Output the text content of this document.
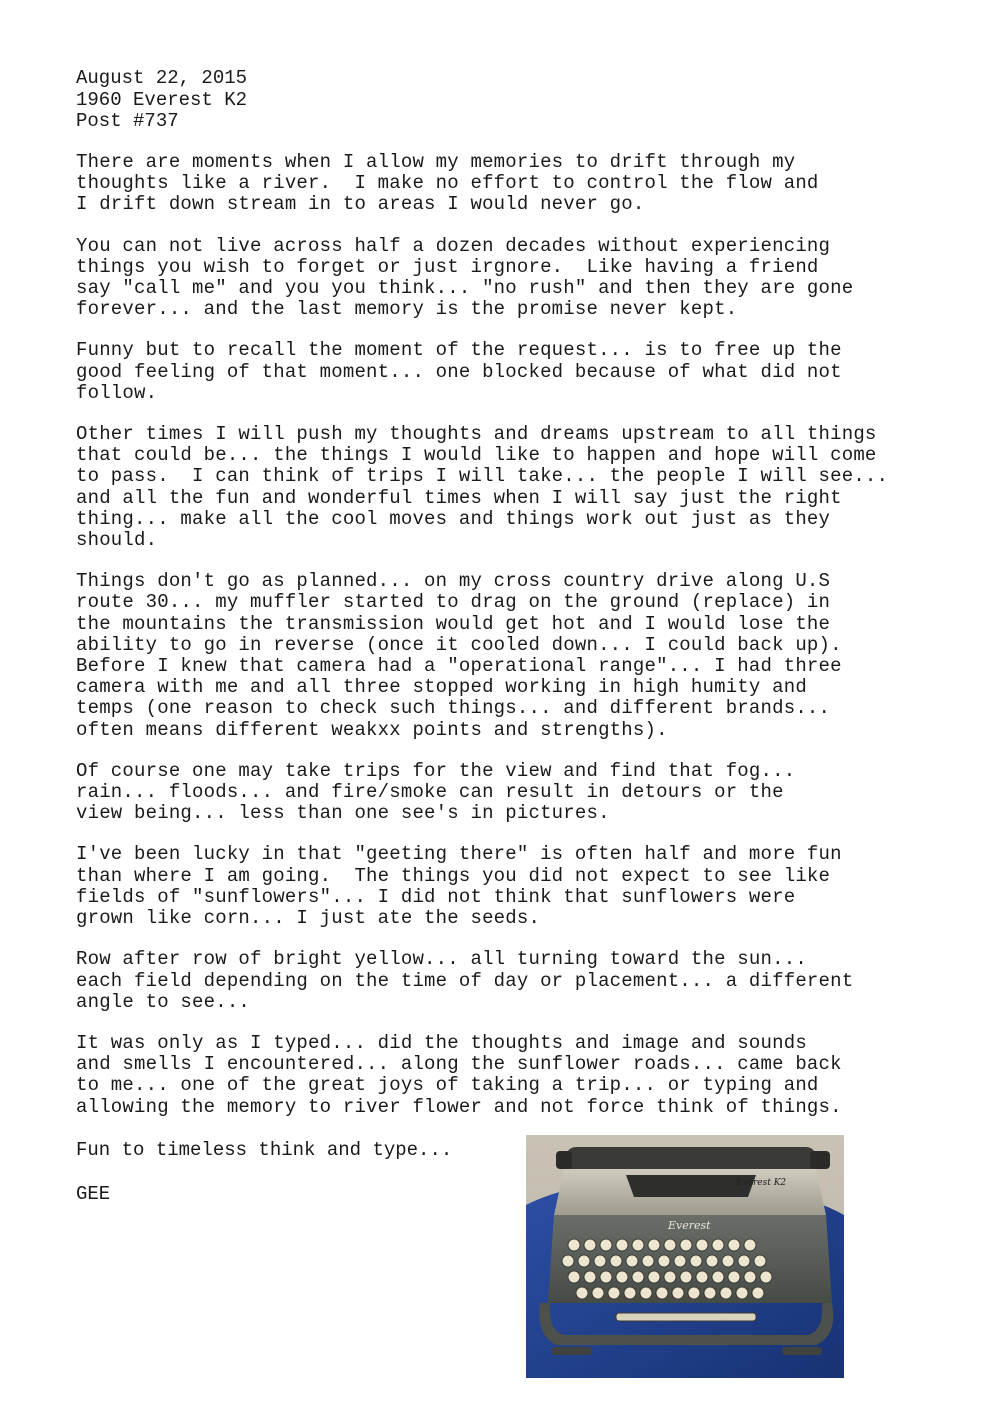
August 22, 2015
1960 Everest K2
Post #737

There are moments when I allow my memories to drift through my
thoughts like a river.  I make no effort to control the flow and
I drift down stream in to areas I would never go.

You can not live across half a dozen decades without experiencing
things you wish to forget or just irgnore.  Like having a friend
say "call me" and you you think... "no rush" and then they are gone
forever... and the last memory is the promise never kept.

Funny but to recall the moment of the request... is to free up the
good feeling of that moment... one blocked because of what did not
follow.

Other times I will push my thoughts and dreams upstream to all things
that could be... the things I would like to happen and hope will come
to pass.  I can think of trips I will take... the people I will see...
and all the fun and wonderful times when I will say just the right
thing... make all the cool moves and things work out just as they
should.

Things don't go as planned... on my cross country drive along U.S
route 30... my muffler started to drag on the ground (replace) in
the mountains the transmission would get hot and I would lose the
ability to go in reverse (once it cooled down... I could back up).
Before I knew that camera had a "operational range"... I had three
camera with me and all three stopped working in high humity and
temps (one reason to check such things... and different brands...
often means different weakxx points and strengths).

Of course one may take trips for the view and find that fog...
rain... floods... and fire/smoke can result in detours or the
view being... less than one see's in pictures.

I've been lucky in that "geeting there" is often half and more fun
than where I am going.  The things you did not expect to see like
fields of "sunflowers"... I did not think that sunflowers were
grown like corn... I just ate the seeds.

Row after row of bright yellow... all turning toward the sun...
each field depending on the time of day or placement... a different
angle to see...

It was only as I typed... did the thoughts and image and sounds
and smells I encountered... along the sunflower roads... came back
to me... one of the great joys of taking a trip... or typing and
allowing the memory to river flower and not force think of things.

Fun to timeless think and type...

GEE	Everest K2
Everest
